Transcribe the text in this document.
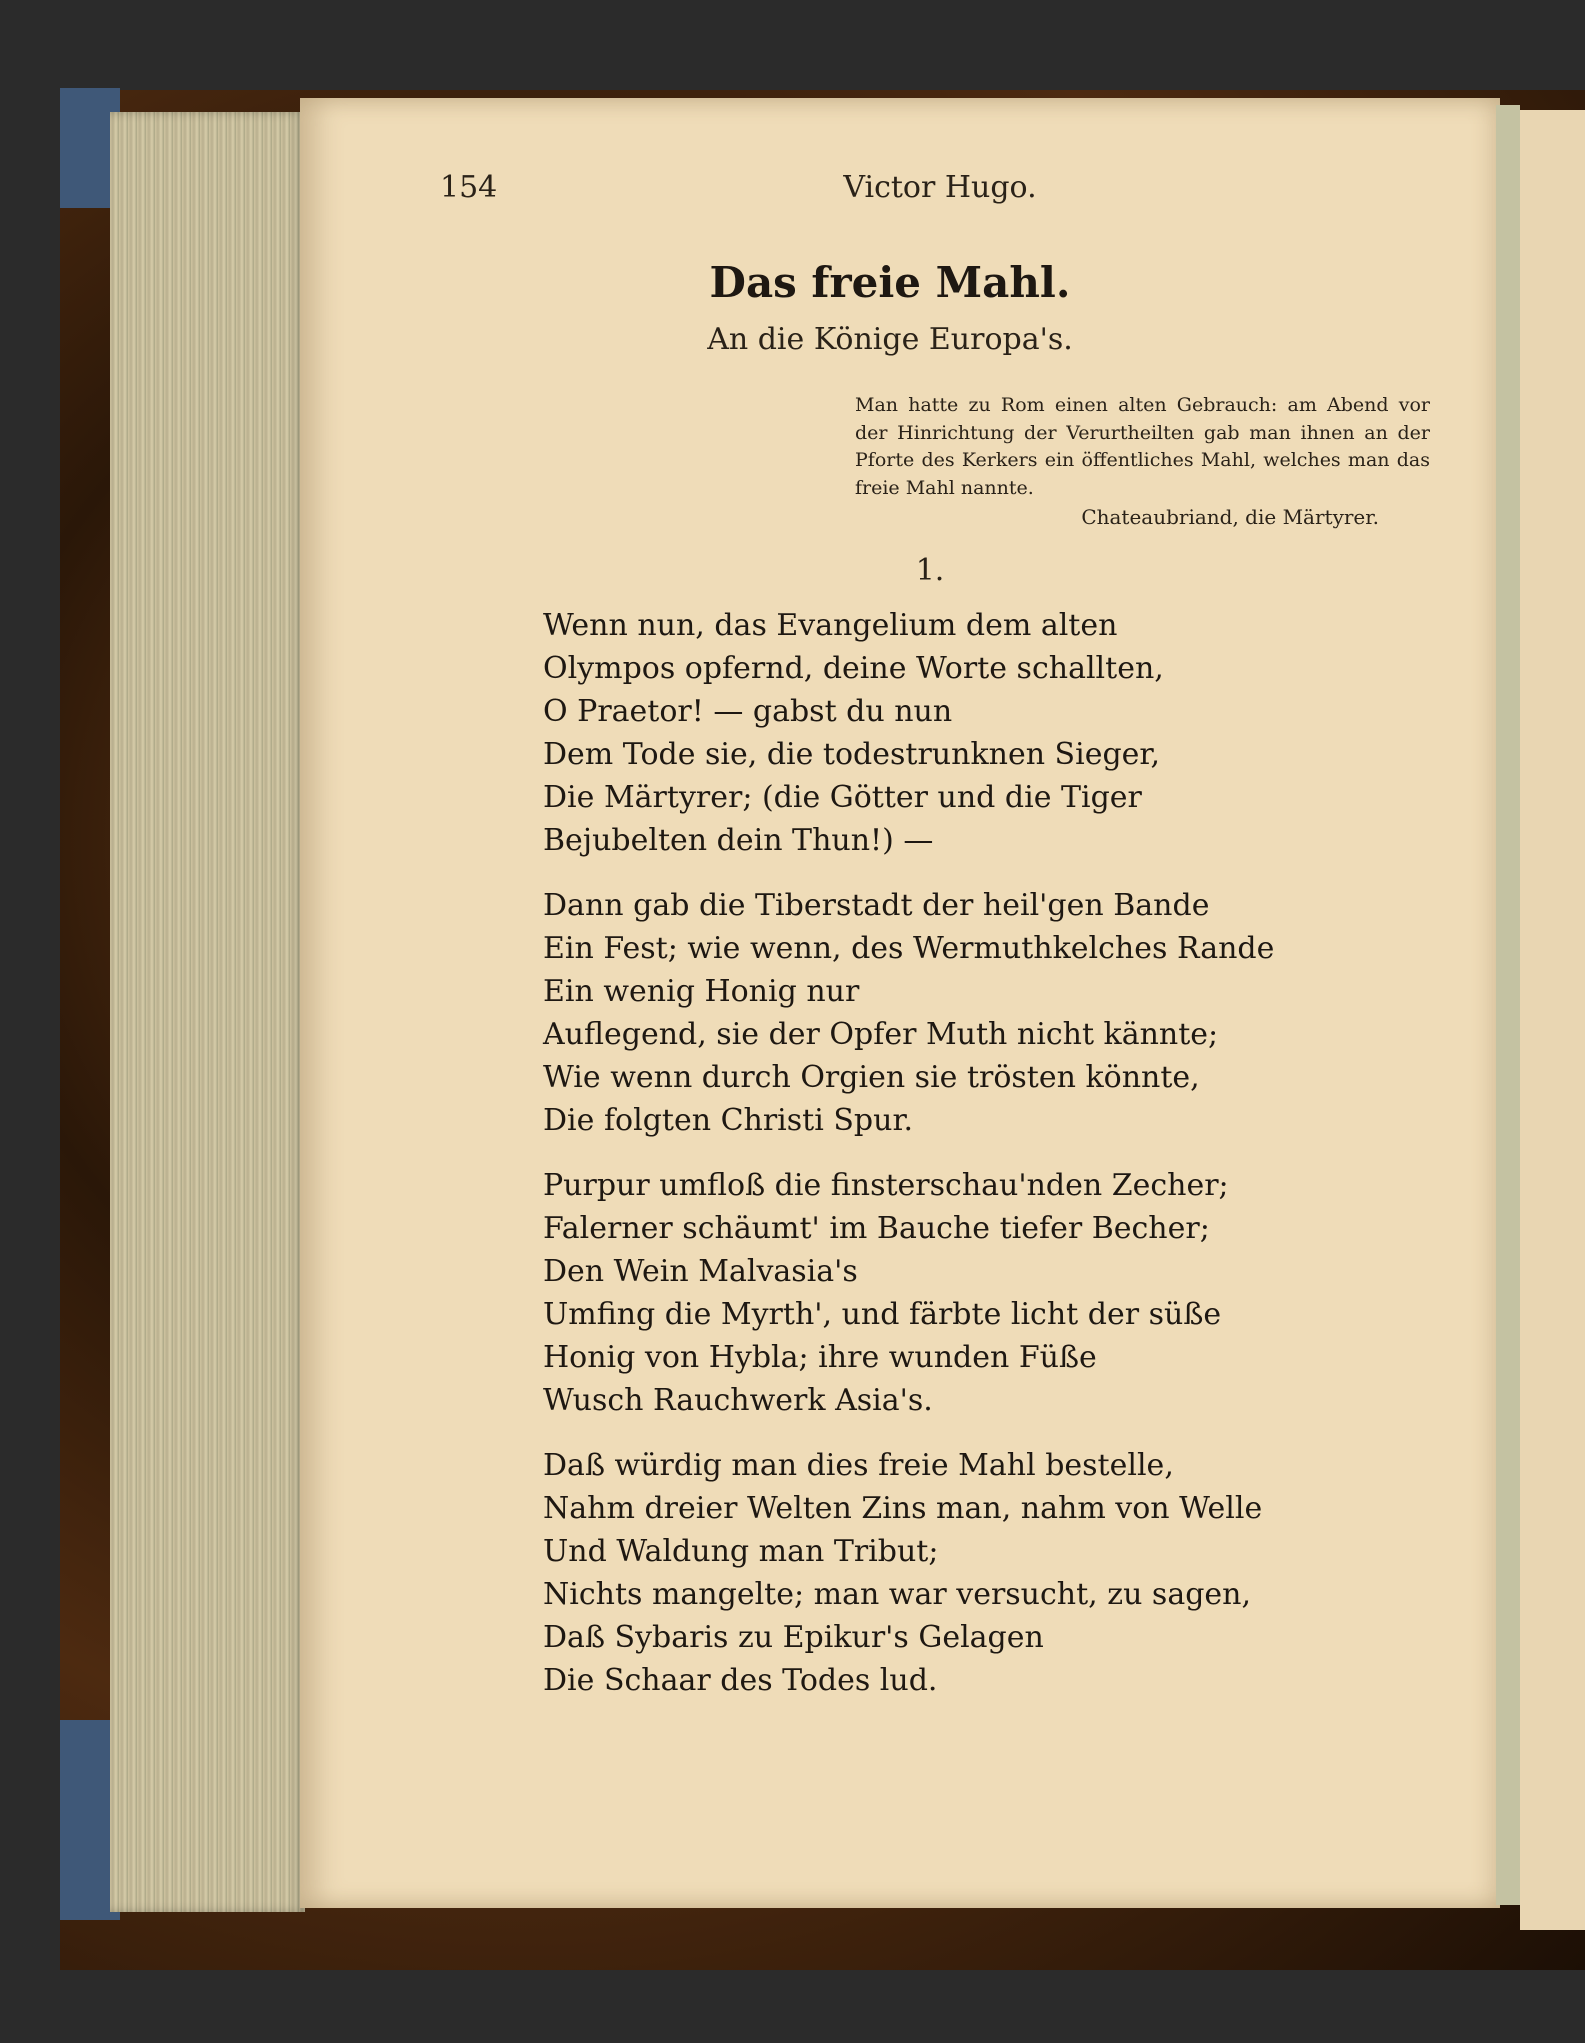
154	Victor Hugo.
Das freie Mahl.
An die Könige Europa's.
Man hatte zu Rom einen alten Gebrauch: am Abend vor der Hinrichtung der Verurtheilten gab man ihnen an der Pforte des Kerkers ein öffentliches Mahl, welches man das freie Mahl nannte.
Chateaubriand, die Märtyrer.
1.
Wenn nun, das Evangelium dem alten
Olympos opfernd, deine Worte schallten,
O Praetor! — gabst du nun
Dem Tode sie, die todestrunknen Sieger,
Die Märtyrer; (die Götter und die Tiger
Bejubelten dein Thun!) —
Dann gab die Tiberstadt der heil'gen Bande
Ein Fest; wie wenn, des Wermuthkelches Rande
Ein wenig Honig nur
Auflegend, sie der Opfer Muth nicht kännte;
Wie wenn durch Orgien sie trösten könnte,
Die folgten Christi Spur.
Purpur umfloß die finsterschau'nden Zecher;
Falerner schäumt' im Bauche tiefer Becher;
Den Wein Malvasia's
Umfing die Myrth', und färbte licht der süße
Honig von Hybla; ihre wunden Füße
Wusch Rauchwerk Asia's.
Daß würdig man dies freie Mahl bestelle,
Nahm dreier Welten Zins man, nahm von Welle
Und Waldung man Tribut;
Nichts mangelte; man war versucht, zu sagen,
Daß Sybaris zu Epikur's Gelagen
Die Schaar des Todes lud.
